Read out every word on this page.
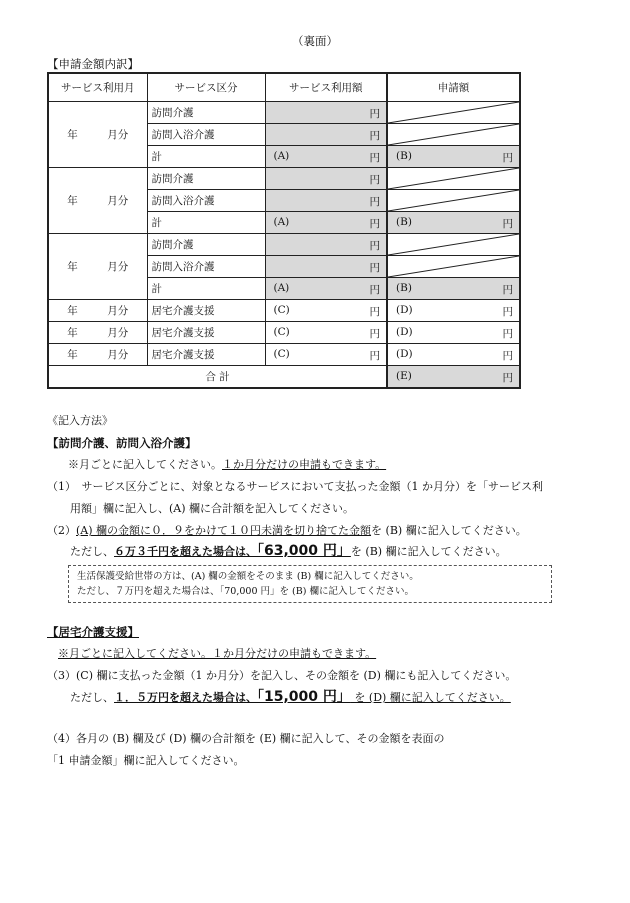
（裏面）
【申請金額内訳】
サービス利用月	サービス区分	サービス利用額	申請額
年 月分	訪問介護	円

	訪問入浴介護	円

	計	(A) 円	(B) 円

年 月分	訪問介護	円

	訪問入浴介護	円

	計	(A) 円	(B) 円

年 月分	訪問介護	円

	訪問入浴介護	円

	計	(A) 円	(B) 円

年 月分	居宅介護支援	(C) 円	(D) 円

年 月分	居宅介護支援	(C) 円	(D) 円

年 月分	居宅介護支援	(C) 円	(D) 円

合 計			(E) 円
《記入方法》
【訪問介護、訪問入浴介護】
※月ごとに記入してください。１か月分だけの申請もできます。
（1）　サービス区分ごとに、対象となるサービスにおいて支払った金額（1 か月分）を「サービス利
用額」欄に記入し、(A) 欄に合計額を記入してください。
（2）(A) 欄の金額に０．９をかけて１０円未満を切り捨てた金額を (B) 欄に記入してください。
ただし、６万３千円を超えた場合は、「63,000 円」を (B) 欄に記入してください。
生活保護受給世帯の方は、(A) 欄の金額をそのまま (B) 欄に記入してください。
ただし、７万円を超えた場合は、「70,000 円」を (B) 欄に記入してください。
【居宅介護支援】
※月ごとに記入してください。１か月分だけの申請もできます。
（3）(C) 欄に支払った金額（1 か月分）を記入し、その金額を (D) 欄にも記入してください。
ただし、１．５万円を超えた場合は、「15,000 円」 を (D) 欄に記入してください。
（4）各月の (B) 欄及び (D) 欄の合計額を (E) 欄に記入して、その金額を表面の
「1 申請金額」欄に記入してください。
